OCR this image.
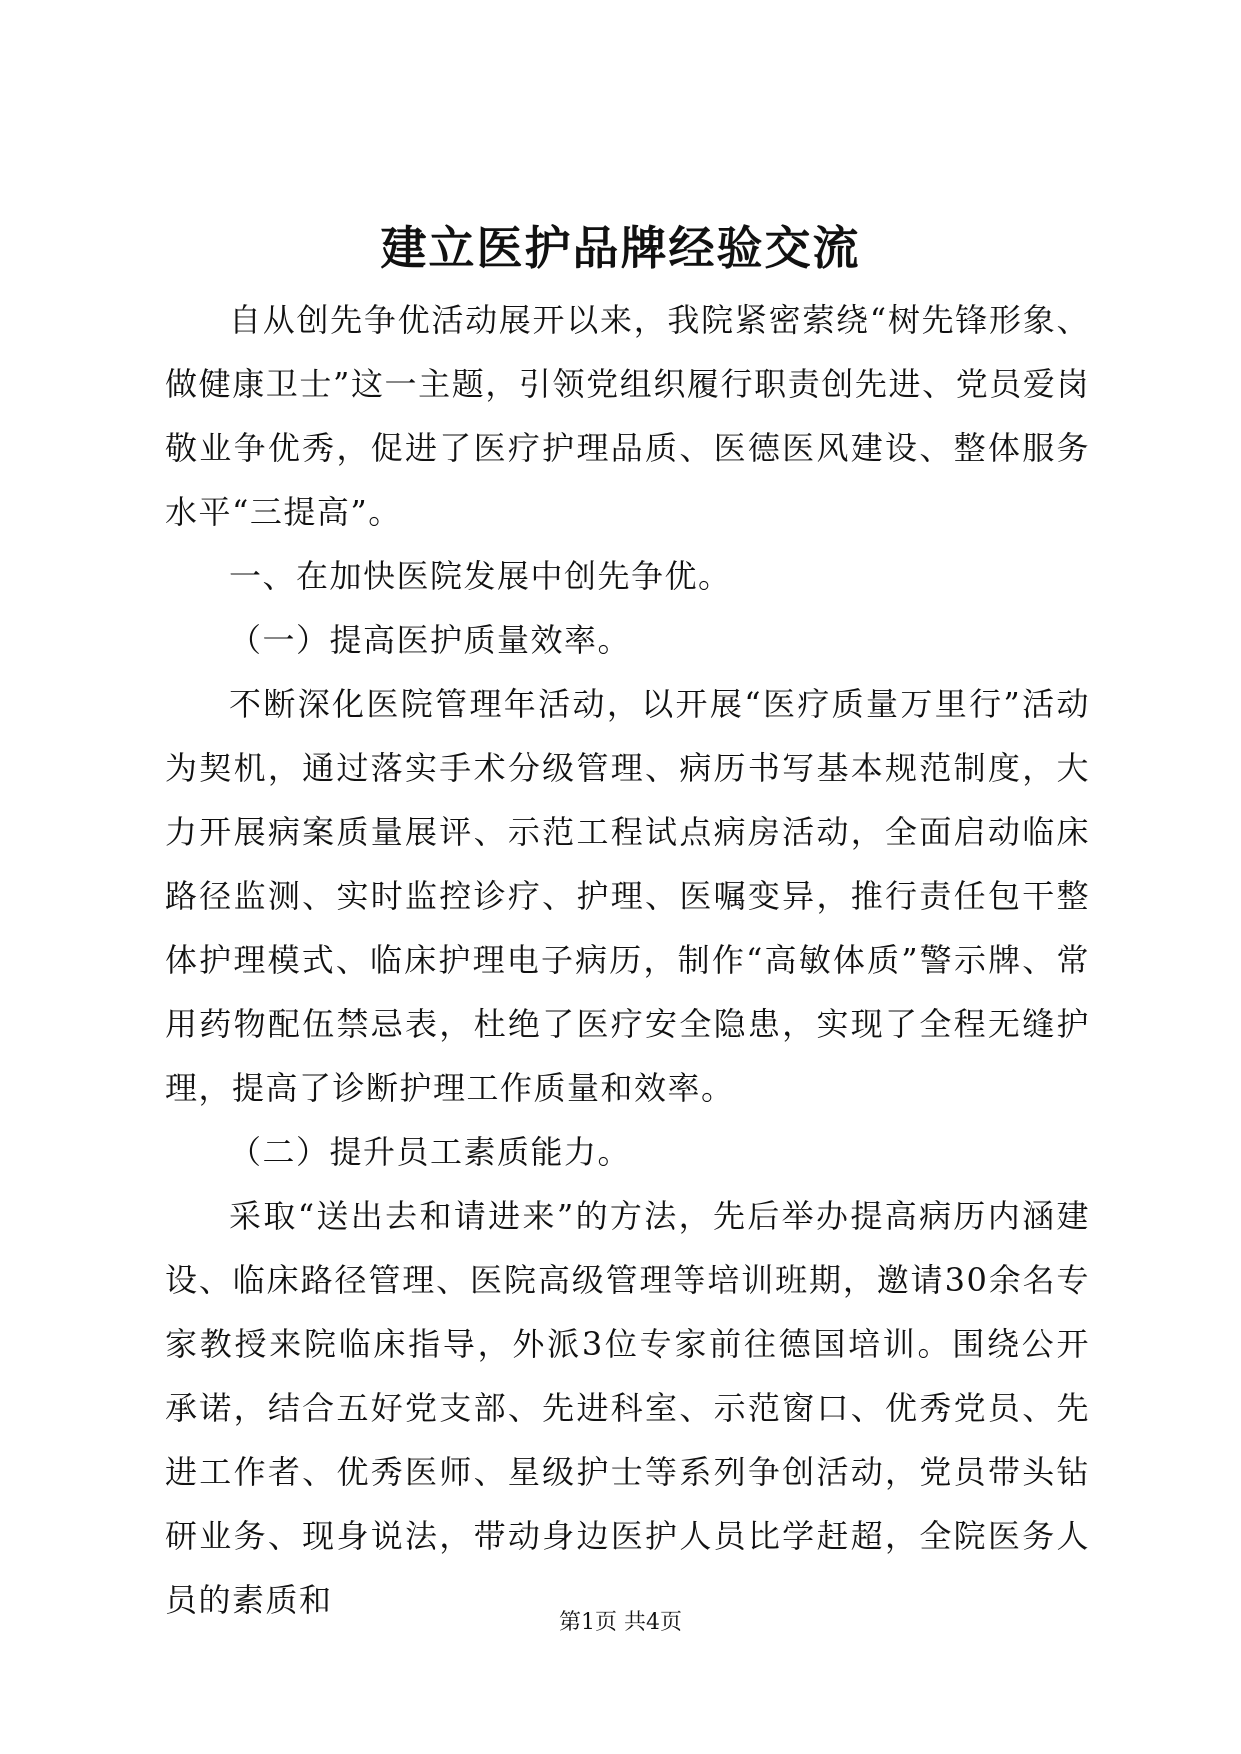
建立医护品牌经验交流

自从创先争优活动展开以来，我院紧密萦绕“树先锋形象、做健康卫士”这一主题，引领党组织履行职责创先进、党员爱岗敬业争优秀，促进了医疗护理品质、医德医风建设、整体服务水平“三提高”。

一、在加快医院发展中创先争优。

（一）提高医护质量效率。

不断深化医院管理年活动，以开展“医疗质量万里行”活动为契机，通过落实手术分级管理、病历书写基本规范制度，大力开展病案质量展评、示范工程试点病房活动，全面启动临床路径监测、实时监控诊疗、护理、医嘱变异，推行责任包干整体护理模式、临床护理电子病历，制作“高敏体质”警示牌、常用药物配伍禁忌表，杜绝了医疗安全隐患，实现了全程无缝护理，提高了诊断护理工作质量和效率。

（二）提升员工素质能力。

采取“送出去和请进来”的方法，先后举办提高病历内涵建设、临床路径管理、医院高级管理等培训班期，邀请30余名专家教授来院临床指导，外派3位专家前往德国培训。围绕公开承诺，结合五好党支部、先进科室、示范窗口、优秀党员、先进工作者、优秀医师、星级护士等系列争创活动，党员带头钻研业务、现身说法，带动身边医护人员比学赶超，全院医务人员的素质和

第1页 共4页
